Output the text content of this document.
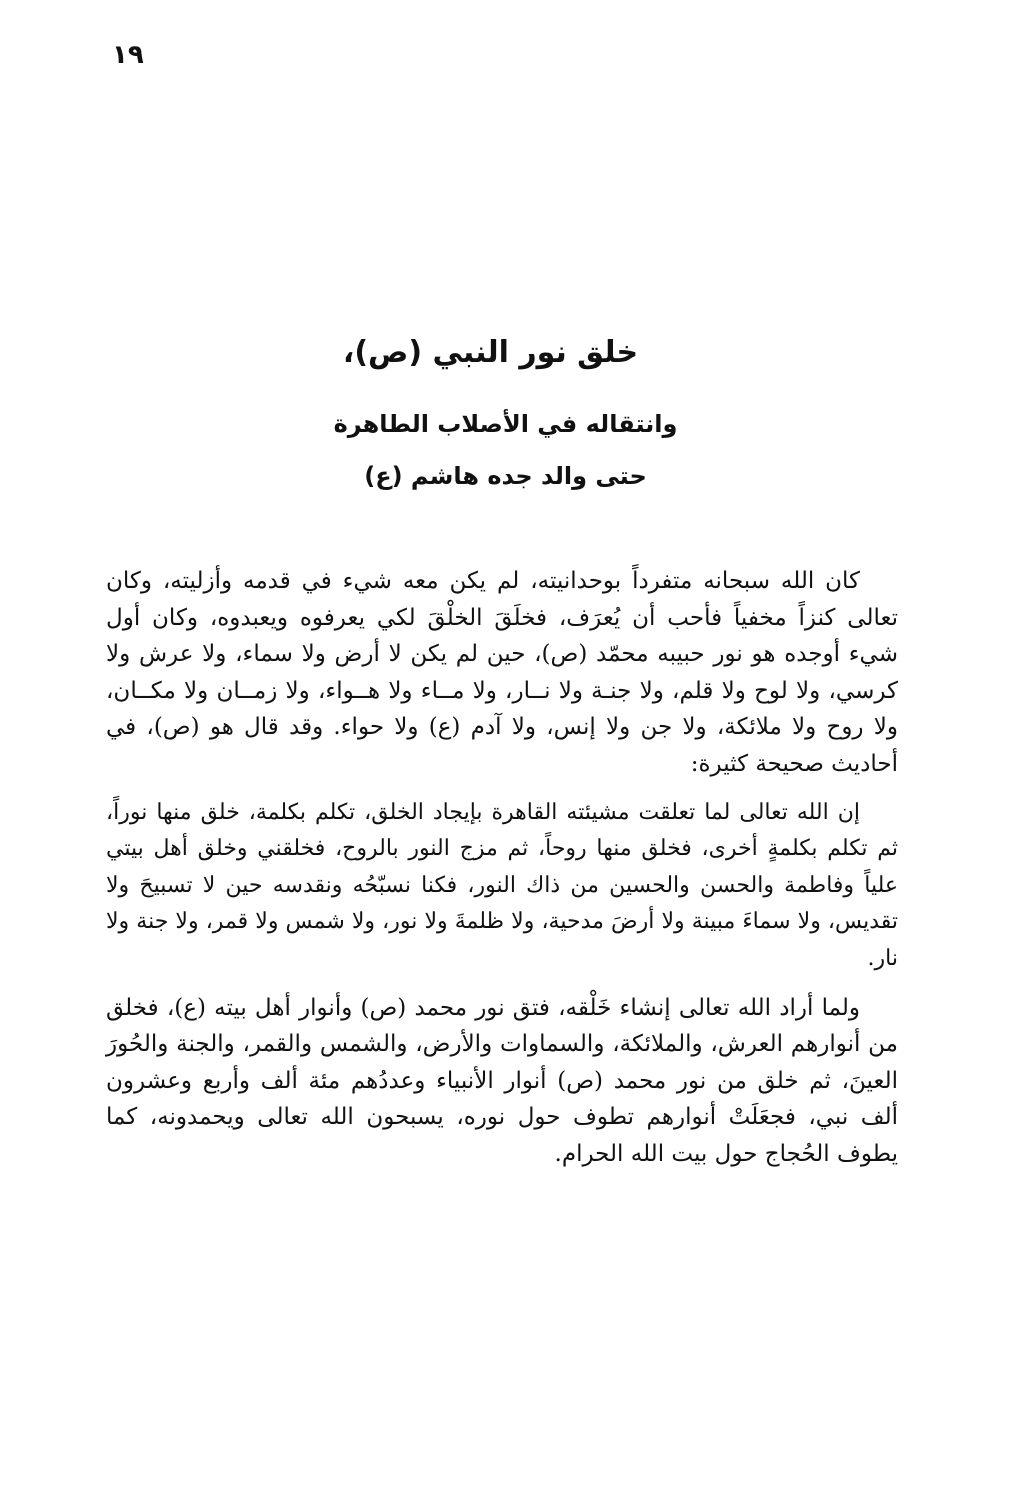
١٩
خلق نور النبي (ص)،
وانتقاله في الأصلاب الطاهرة
حتى والد جده هاشم (ع)

كان الله سبحانه متفرداً بوحدانيته، لم يكن معه شيء في قدمه وأزليته، وكان تعالى كنزاً مخفياً فأحب أن يُعرَف، فخلَقَ الخلْقَ لكي يعرفوه ويعبدوه، وكان أول شيء أوجده هو نور حبيبه محمّد (ص)، حين لم يكن لا أرض ولا سماء، ولا عرش ولا كرسي، ولا لوح ولا قلم، ولا جنـة ولا نــار، ولا مــاء ولا هــواء، ولا زمــان ولا مكــان، ولا روح ولا ملائكة، ولا جن ولا إنس، ولا آدم (ع) ولا حواء. وقد قال هو (ص)، في أحاديث صحيحة كثيرة:

إن الله تعالى لما تعلقت مشيئته القاهرة بإيجاد الخلق، تكلم بكلمة، خلق منها نوراً، ثم تكلم بكلمةٍ أخرى، فخلق منها روحاً، ثم مزج النور بالروح، فخلقني وخلق أهل بيتي علياً وفاطمة والحسن والحسين من ذاك النور، فكنا نسبّحُه ونقدسه حين لا تسبيحَ ولا تقديس، ولا سماءَ مبينة ولا أرضَ مدحية، ولا ظلمةَ ولا نور، ولا شمس ولا قمر، ولا جنة ولا نار.

ولما أراد الله تعالى إنشاء خَلْقه، فتق نور محمد (ص) وأنوار أهل بيته (ع)، فخلق من أنوارهم العرش، والملائكة، والسماوات والأرض، والشمس والقمر، والجنة والحُورَ العينَ، ثم خلق من نور محمد (ص) أنوار الأنبياء وعددُهم مئة ألف وأربع وعشرون ألف نبي، فجعَلَتْ أنوارهم تطوف حول نوره، يسبحون الله تعالى ويحمدونه، كما يطوف الحُجاج حول بيت الله الحرام.
